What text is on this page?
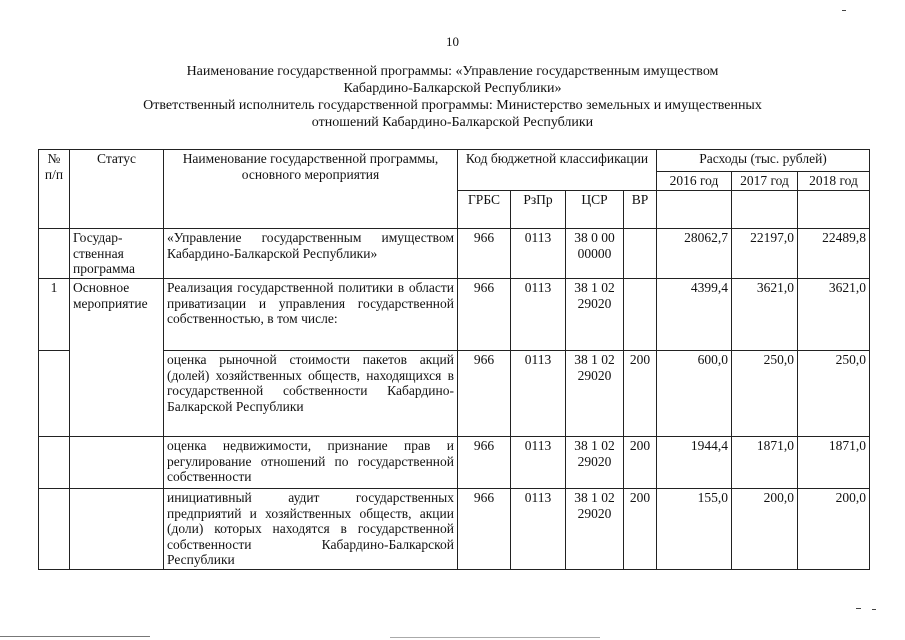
10

Наименование государственной программы: «Управление государственным имуществом

Кабардино-Балкарской Республики»

Ответственный исполнитель государственной программы: Министерство земельных и имущественных

отношений Кабардино-Балкарской Республики

№ п/п	Статус	Наименование государственной программы, основного мероприятия	Код бюджетной классификации				Расходы (тыс. рублей)		
							2016 год	2017 год	2018 год
			ГРБС	РзПр	ЦСР	ВР			
	Государ-ственная программа	«Управление государственным имуществом Кабардино-Балкарской Республики»	966	0113	38 0 00 00000		28062,7	22197,0	22489,8
1	Основное мероприятие	Реализация государственной политики в области приватизации и управления государственной собственностью, в том числе:	966	0113	38 1 02 29020		4399,4	3621,0	3621,0
		оценка рыночной стоимости пакетов акций (долей) хозяйственных обществ, находящихся в государственной собственности Кабардино-Балкарской Республики	966	0113	38 1 02 29020	200	600,0	250,0	250,0
		оценка недвижимости, признание прав и регулирование отношений по государственной собственности	966	0113	38 1 02 29020	200	1944,4	1871,0	1871,0
		инициативный аудит государственных предприятий и хозяйственных обществ, акции (доли) которых находятся в государственной собственности Кабардино-Балкарской Республики	966	0113	38 1 02 29020	200	155,0	200,0	200,0
